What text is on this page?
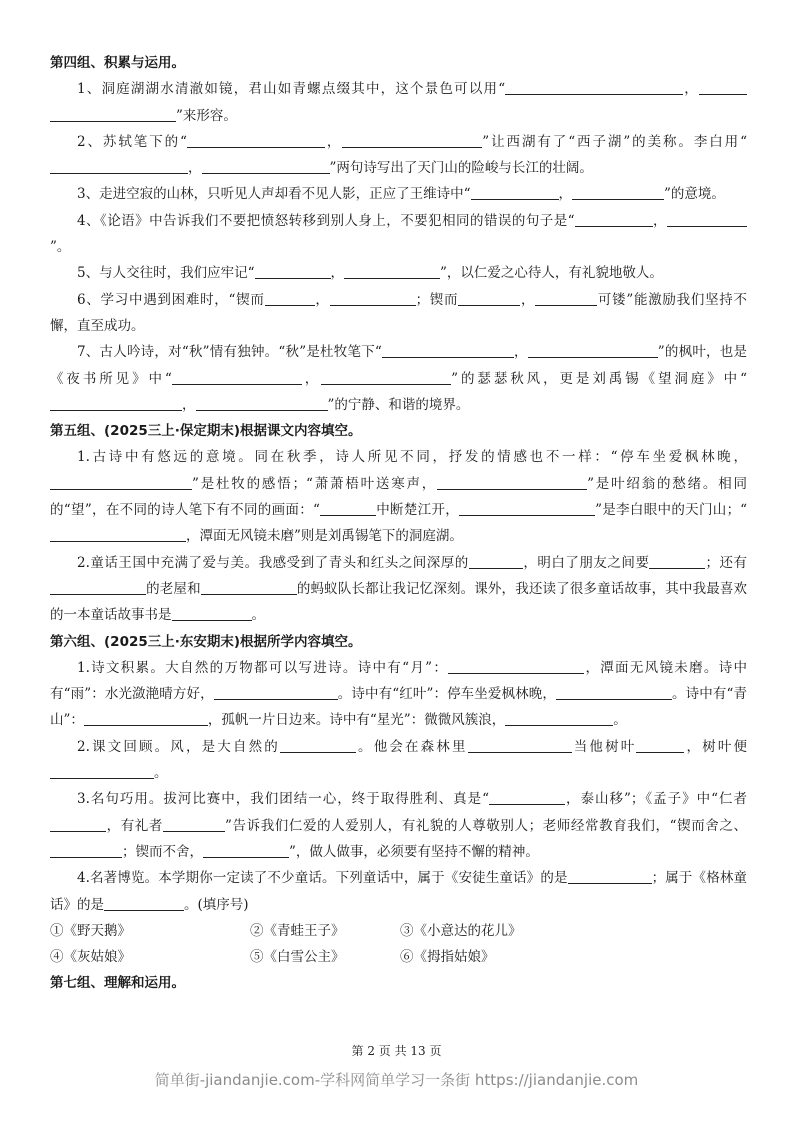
第四组、积累与运用。
1、洞庭湖湖水清澈如镜，君山如青螺点缀其中，这个景色可以用“	，”来形容。
2、苏轼笔下的“	，	”让西湖有了“西子湖”的美称。李白用“，	”两句诗写出了天门山的险峻与长江的壮阔。
3、走进空寂的山林，只听见人声却看不见人影，正应了王维诗中“	，	”的意境。
4、《论语》中告诉我们不要把愤怒转移到别人身上，不要犯相同的错误的句子是“	，”。
5、与人交往时，我们应牢记“	，	”，以仁爱之心待人，有礼貌地敬人。
6、学习中遇到困难时，“锲而	，	；锲而	，	可镂”能激励我们坚持不懈，直至成功。
7、古人吟诗，对“秋”情有独钟。“秋”是杜牧笔下“	，	”的枫叶，也是《夜书所见》中“	，	”的瑟瑟秋风，更是刘禹锡《望洞庭》中“，	”的宁静、和谐的境界。
第五组、(2025三上·保定期末)根据课文内容填空。
1.古诗中有悠远的意境。同在秋季，诗人所见不同，抒发的情感也不一样：“停车坐爱枫林晚，”是杜牧的感悟；“萧萧梧叶送寒声，	”是叶绍翁的愁绪。相同的“望”，在不同的诗人笔下有不同的画面：“	中断楚江开，	”是李白眼中的天门山；“，潭面无风镜未磨”则是刘禹锡笔下的洞庭湖。
2.童话王国中充满了爱与美。我感受到了青头和红头之间深厚的	，明白了朋友之间要	；还有的老屋和	的蚂蚁队长都让我记忆深刻。课外，我还读了很多童话故事，其中我最喜欢的一本童话故事书是	。
第六组、(2025三上·东安期末)根据所学内容填空。
1.诗文积累。大自然的万物都可以写进诗。诗中有“月”：	，潭面无风镜未磨。诗中有“雨”：水光潋滟晴方好，	。诗中有“红叶”：停车坐爱枫林晚，	。诗中有“青山”：	，孤帆一片日边来。诗中有“星光”：微微风簇浪，	。
2.课文回顾。风，是大自然的	。他会在森林里	当他树叶	，树叶便。
3.名句巧用。拔河比赛中，我们团结一心，终于取得胜利、真是“	，泰山移”；《孟子》中“仁者，有礼者	”告诉我们仁爱的人爱别人，有礼貌的人尊敬别人；老师经常教育我们，“锲而舍之、；锲而不舍，	”，做人做事，必须要有坚持不懈的精神。
4.名著博览。本学期你一定读了不少童话。下列童话中，属于《安徒生童话》的是	；属于《格林童话》的是	。(填序号)
①《野天鹅》	②《青蛙王子》	③《小意达的花儿》
④《灰姑娘》	⑤《白雪公主》	⑥《拇指姑娘》
第七组、理解和运用。
第 2 页 共 13 页
简单街-jiandanjie.com-学科网简单学习一条街 https://jiandanjie.com
